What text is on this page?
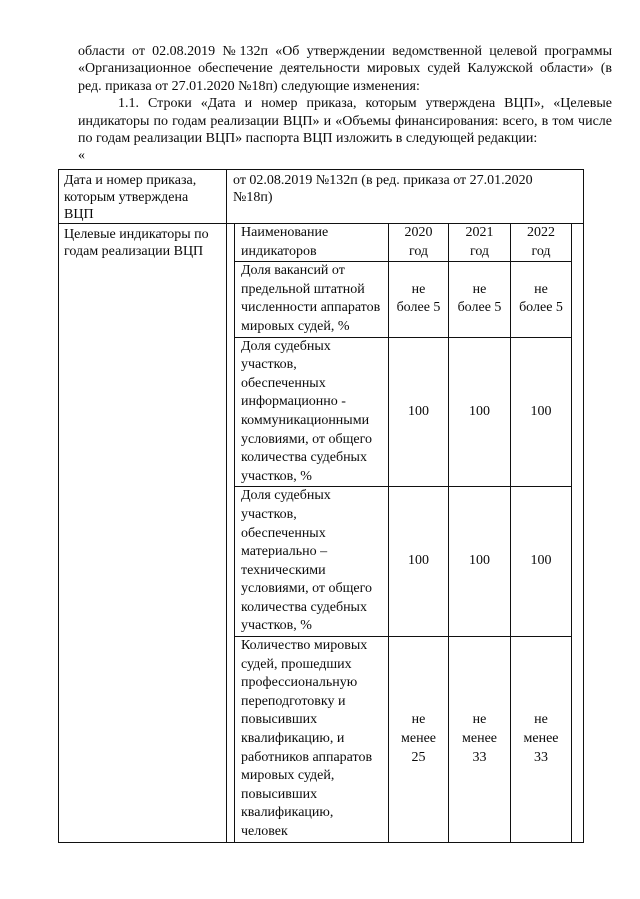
области от 02.08.2019 №132п «Об утверждении ведомственной целевой программы «Организационное обеспечение деятельности мировых судей Калужской области» (в ред. приказа от 27.01.2020 №18п) следующие изменения:

1.1. Строки «Дата и номер приказа, которым утверждена ВЦП», «Целевые индикаторы по годам реализации ВЦП» и «Объемы финансирования: всего, в том числе по годам реализации ВЦП» паспорта ВЦП изложить в следующей редакции:

«

Дата и номер приказа, которым утверждена ВЦП	от 02.08.2019 №132п (в ред. приказа от 27.01.2020 №18п)
Целевые индикаторы по годам реализации ВЦП	
Наименование индикаторов	2020 год	2021 год	2022 год
Доля вакансий от предельной штатной численности аппаратов мировых судей, %	не более 5	не более 5	не более 5
Доля судебных участков, обеспеченных информационно - коммуникационными условиями, от общего количества судебных участков, %	100	100	100
Доля судебных участков, обеспеченных материально – техническими условиями, от общего количества судебных участков, %	100	100	100
Количество мировых судей, прошедших профессиональную переподготовку и повысивших квалификацию, и работников аппаратов мировых судей, повысивших квалификацию, человек	не менее 25	не менее 33	не менее 33
